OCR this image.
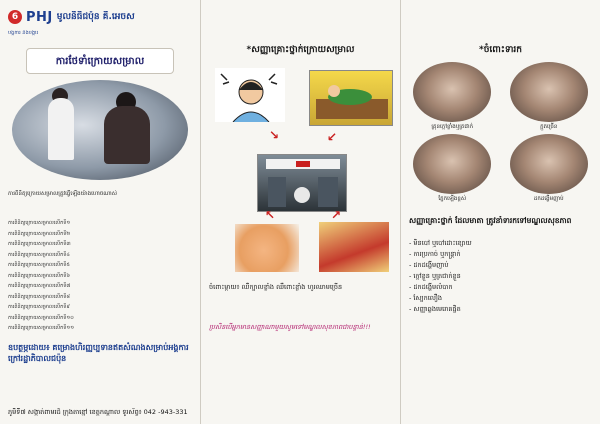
6 PHJ មូលនិធិជប៉ុន គី.អេចស
បង្កការ និងបង្ការ
ការថែទាំក្រោយសម្រាល
ការពិនិត្យក្រោយសម្រាលត្រូវធ្វើឡើងយ៉ាងហោចណាស់
ការពិនិត្យក្រោយសម្រាលលើកទី១
ការពិនិត្យក្រោយសម្រាលលើកទី២
ការពិនិត្យក្រោយសម្រាលលើកទី៣
ការពិនិត្យក្រោយសម្រាលលើកទី៤
ការពិនិត្យក្រោយសម្រាលលើកទី៥
ការពិនិត្យក្រោយសម្រាលលើកទី៦
ការពិនិត្យក្រោយសម្រាលលើកទី៧
ការពិនិត្យក្រោយសម្រាលលើកទី៨
ការពិនិត្យក្រោយសម្រាលលើកទី៩
ការពិនិត្យក្រោយសម្រាលលើកទី១០
ការពិនិត្យក្រោយសម្រាលលើកទី១១
ឧបត្ថម្ភដោយ៖ គម្រោងហិរញ្ញប្បទានឥតសំណងសម្រាប់អង្គការក្រៅរដ្ឋាភិបាលជប៉ុន
ភូមិទី៧ សង្កាត់ពាមរដ៍ ក្រុងតាខ្មៅ ខេត្តកណ្ដាល ទូរស័ព្ទ៖ 042 -943-331
*សញ្ញាគ្រោះថ្នាក់ក្រោយសម្រាល
↘	↙
↖	↗
ចំពោះម្តាយ៖ ឈឺក្បាលខ្លាំង ឈឺពោះខ្លាំង ហូរឈាមច្រើន
ប្រសិនបើអ្នកមានសញ្ញាណាមួយសូមទៅមណ្ឌលសុខភាពជាបន្ទាន់!!!
*ចំពោះទារក
គ្រុនក្តៅខ្លាំងឬត្រជាក់	ក្អួតច្រើន
ភ្នែកឡើងខ្ពស់	ដកដង្ហើមញាប់
សញ្ញាគ្រោះថ្នាក់ ដែលមាតា ត្រូវនាំទារកទៅមណ្ឌលសុខភាព
- មិនបៅ ឬបៅដោះខ្សោយ
- ការប្រកាច់ ឬកន្ត្រាក់
- ដកដង្ហើមញាប់
- ក្តៅខ្លួន ឬត្រជាក់ខ្លួន
- ដកដង្ហើមលំបាក
- ស្បែកលឿង
- សញ្ញាឆ្លងមេរោគផ្ចិត
